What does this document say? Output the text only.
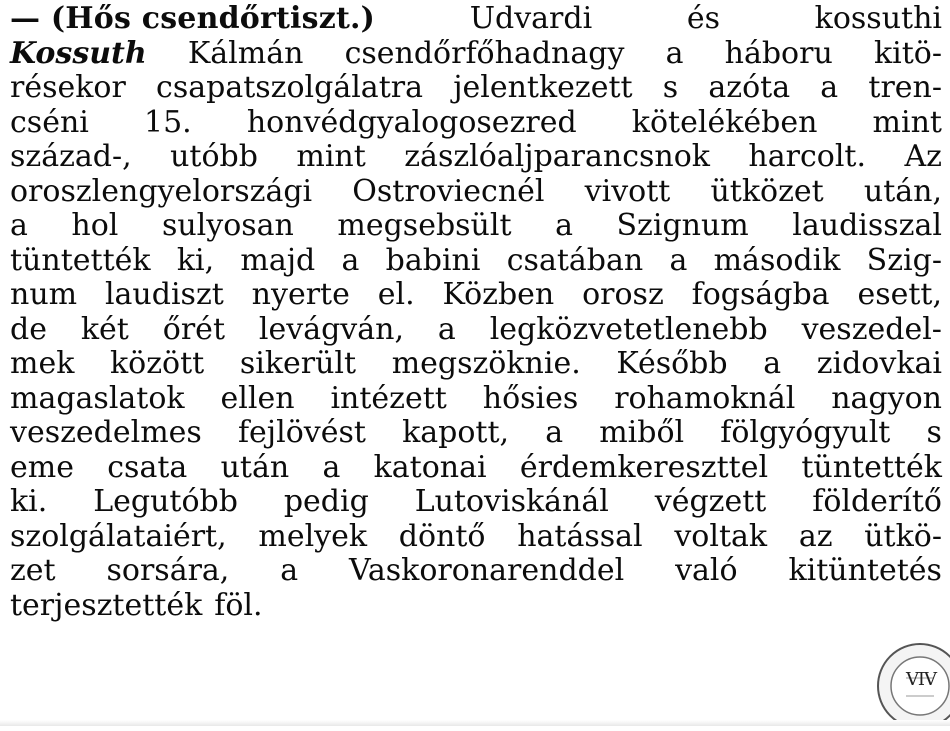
— (Hős csendőrtiszt.)	Udvardi	és	kossuthi
Kossuth Kálmán csendőrfőhadnagy a háboru kitö-
résekor csapatszolgálatra jelentkezett s azóta a tren-
cséni 15. honvédgyalogosezred kötelékében mint
század-, utóbb mint zászlóaljparancsnok harcolt. Az
oroszlengyelországi Ostroviecnél vivott ütközet után,
a hol sulyosan megsebsült a Szignum laudisszal
tüntették ki, majd a babini csatában a második Szig-
num laudiszt nyerte el. Közben orosz fogságba esett,
de két őrét levágván, a legközvetetlenebb veszedel-
mek között sikerült megszöknie. Később a zidovkai
magaslatok ellen intézett hősies rohamoknál nagyon
veszedelmes fejlövést kapott, a miből fölgyógyult s
eme csata után a katonai érdemkereszttel tüntették
ki. Legutóbb pedig Lutoviskánál végzett földerítő
szolgálataiért, melyek döntő hatással voltak az ütkö-
zet sorsára, a Vaskoronarenddel való kitüntetés
terjesztették föl.
VIV
